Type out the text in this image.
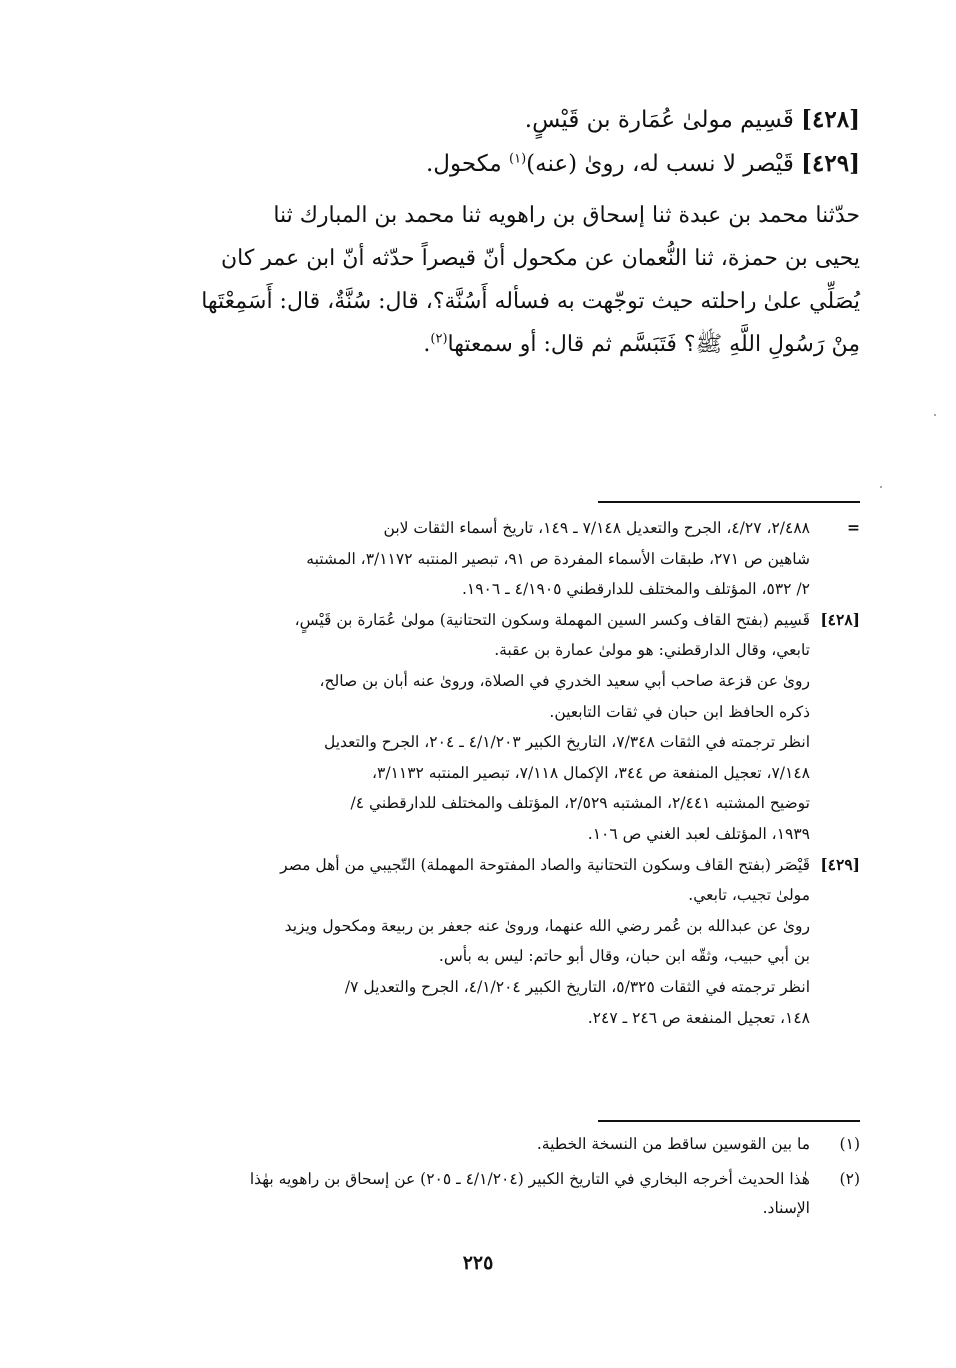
[٤٢٨] قَسِيم مولىٰ عُمَارة بن قَيْسٍ.
[٤٢٩] قَيْصر لا نسب له، روىٰ (عنه)$^{(١)}$ مكحول.
حدّثنا محمد بن عبدة ثنا إسحاق بن راهويه ثنا محمد بن المبارك ثنا
يحيى بن حمزة، ثنا النُّعمان عن مكحول أنّ قيصراً حدّثه أنّ ابن عمر كان
يُصَلِّي علىٰ راحلته حيث توجّهت به فسأله أَسُنَّة؟، قال: سُنَّةٌ، قال: أَسَمِعْتَها
مِنْ رَسُولِ اللَّهِ ﷺ؟ فَتَبَسَّم ثم قال: أو سمعتها$^{(٢)}$.
=
٢/٤٨٨، ٤/٢٧، الجرح والتعديل ٧/١٤٨ ـ ١٤٩، تاريخ أسماء الثقات لابن
شاهين ص ٢٧١، طبقات الأسماء المفردة ص ٩١، تبصير المنتبه ٣/١١٧٢، المشتبه
٢/ ٥٣٢، المؤتلف والمختلف للدارقطني ٤/١٩٠٥ ـ ١٩٠٦.
[٤٢٨]
قَسِيم (بفتح القاف وكسر السين المهملة وسكون التحتانية) مولىٰ عُمَارة بن قَيْسٍ،
تابعي، وقال الدارقطني: هو مولىٰ عمارة بن عقبة.
روىٰ عن قزعة صاحب أبي سعيد الخدري في الصلاة، وروىٰ عنه أبان بن صالح،
ذكره الحافظ ابن حبان في ثقات التابعين.
انظر ترجمته في الثقات ٧/٣٤٨، التاريخ الكبير ٤/١/٢٠٣ ـ ٢٠٤، الجرح والتعديل
٧/١٤٨، تعجيل المنفعة ص ٣٤٤، الإكمال ٧/١١٨، تبصير المنتبه ٣/١١٣٢،
توضيح المشتبه ٢/٤٤١، المشتبه ٢/٥٢٩، المؤتلف والمختلف للدارقطني ٤/
١٩٣٩، المؤتلف لعبد الغني ص ١٠٦.
[٤٢٩]
قَيْصَر (بفتح القاف وسكون التحتانية والصاد المفتوحة المهملة) التّجيبي من أهل مصر
مولىٰ تجيب، تابعي.
روىٰ عن عبدالله بن عُمر رضي الله عنهما، وروىٰ عنه جعفر بن ربيعة ومكحول ويزيد
بن أبي حبيب، وثقّه ابن حبان، وقال أبو حاتم: ليس به بأس.
انظر ترجمته في الثقات ٥/٣٢٥، التاريخ الكبير ٤/١/٢٠٤، الجرح والتعديل ٧/
١٤٨، تعجيل المنفعة ص ٢٤٦ ـ ٢٤٧.
(١)
ما بين القوسين ساقط من النسخة الخطية.
(٢)
هٰذا الحديث أخرجه البخاري في التاريخ الكبير (٤/١/٢٠٤ ـ ٢٠٥) عن إسحاق بن راهويه بهٰذا
الإسناد.
٢٢٥
